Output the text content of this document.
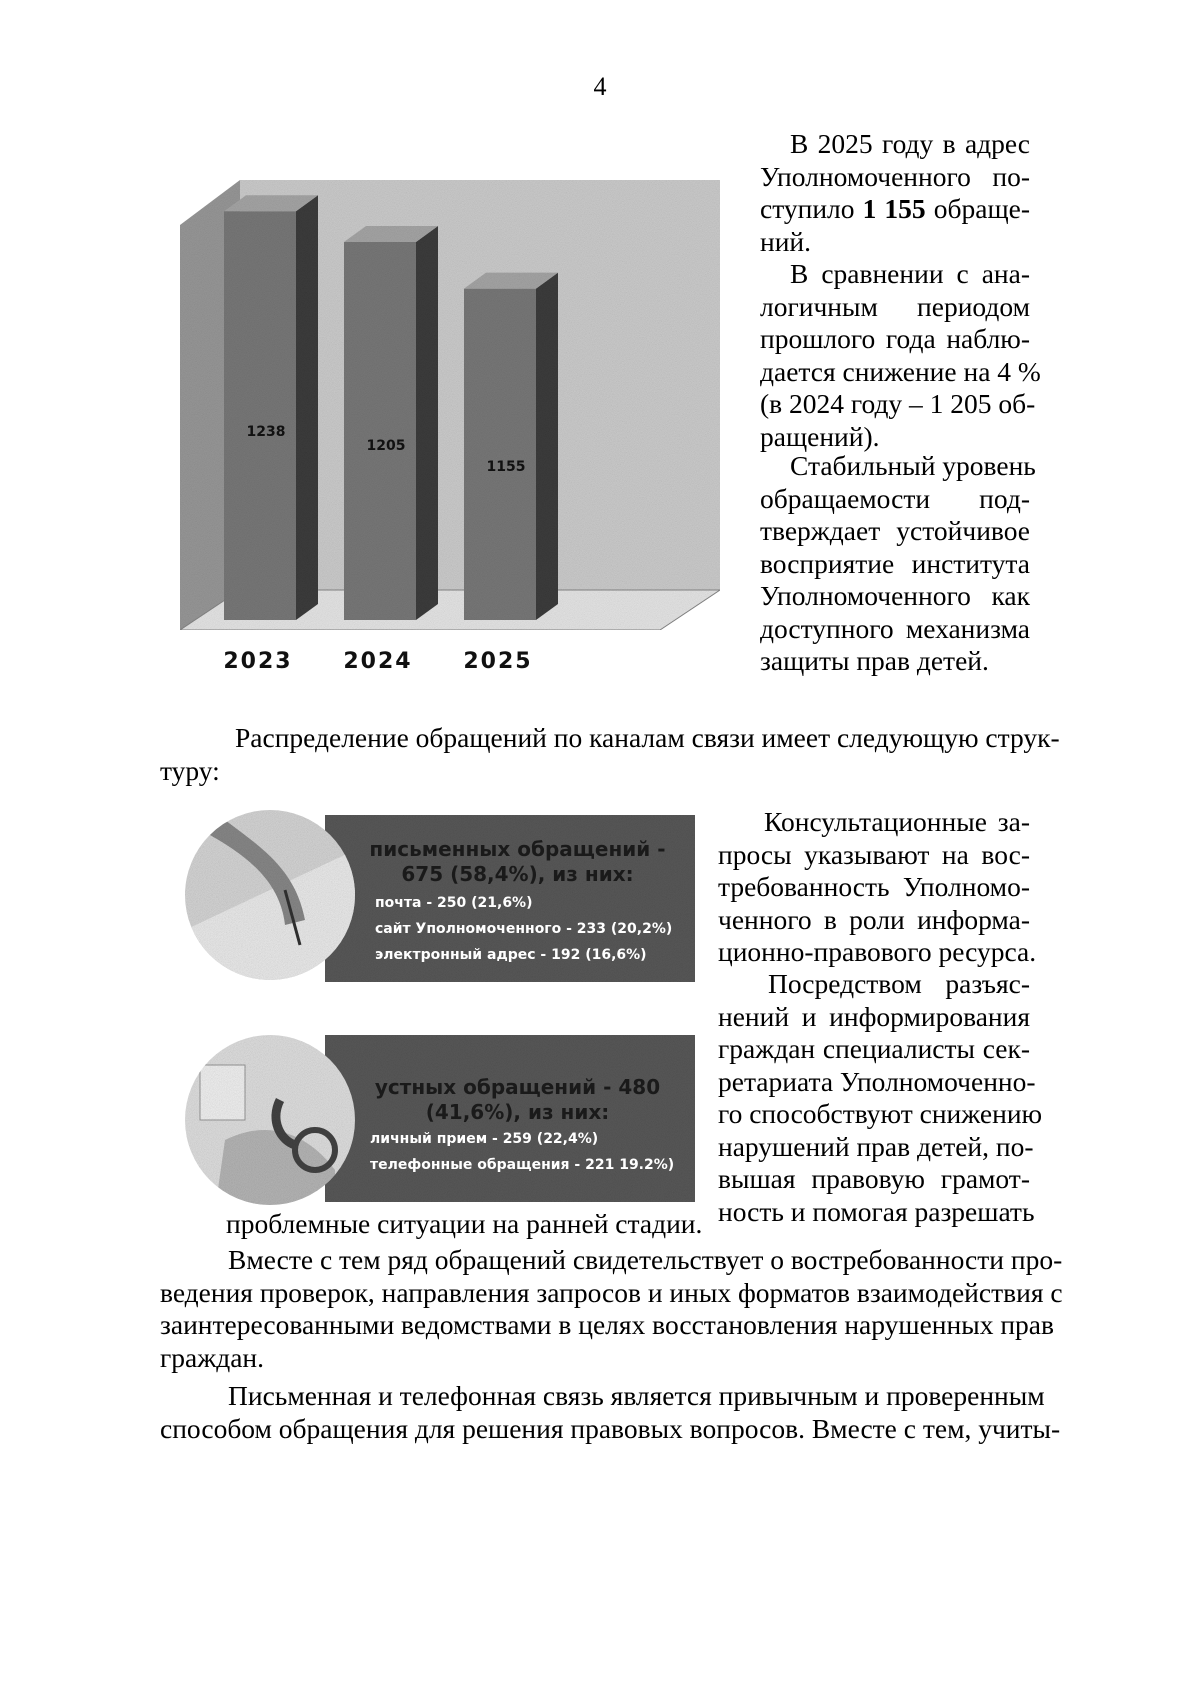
4
1238
1205
1155
2023 2024 2025
В 2025 году в адрес
Уполномоченного по-
ступило 1 155 обраще-
ний.
В сравнении с ана-
логичным периодом
прошлого года наблю-
дается снижение на 4 %
(в 2024 году – 1 205 об-
ращений).
Стабильный уровень
обращаемости под-
тверждает устойчивое
восприятие института
Уполномоченного как
доступного механизма
защиты прав детей.
Распределение обращений по каналам связи имеет следующую струк-
туру:
письменных обращений -
675 (58,4%), из них:
почта - 250 (21,6%)
сайт Уполномоченного - 233 (20,2%)
электронный адрес - 192 (16,6%)
устных обращений - 480
(41,6%), из них:
личный прием - 259 (22,4%)
телефонные обращения - 221 19.2%)
Консультационные за-
просы указывают на вос-
требованность Уполномо-
ченного в роли информа-
ционно-правового ресурса.
Посредством разъяс-
нений и информирования
граждан специалисты сек-
ретариата Уполномоченно-
го способствуют снижению
нарушений прав детей, по-
вышая правовую грамот-
ность и помогая разрешать
проблемные ситуации на ранней стадии.
Вместе с тем ряд обращений свидетельствует о востребованности про-
ведения проверок, направления запросов и иных форматов взаимодействия с
заинтересованными ведомствами в целях восстановления нарушенных прав
граждан.
Письменная и телефонная связь является привычным и проверенным
способом обращения для решения правовых вопросов. Вместе с тем, учиты-
